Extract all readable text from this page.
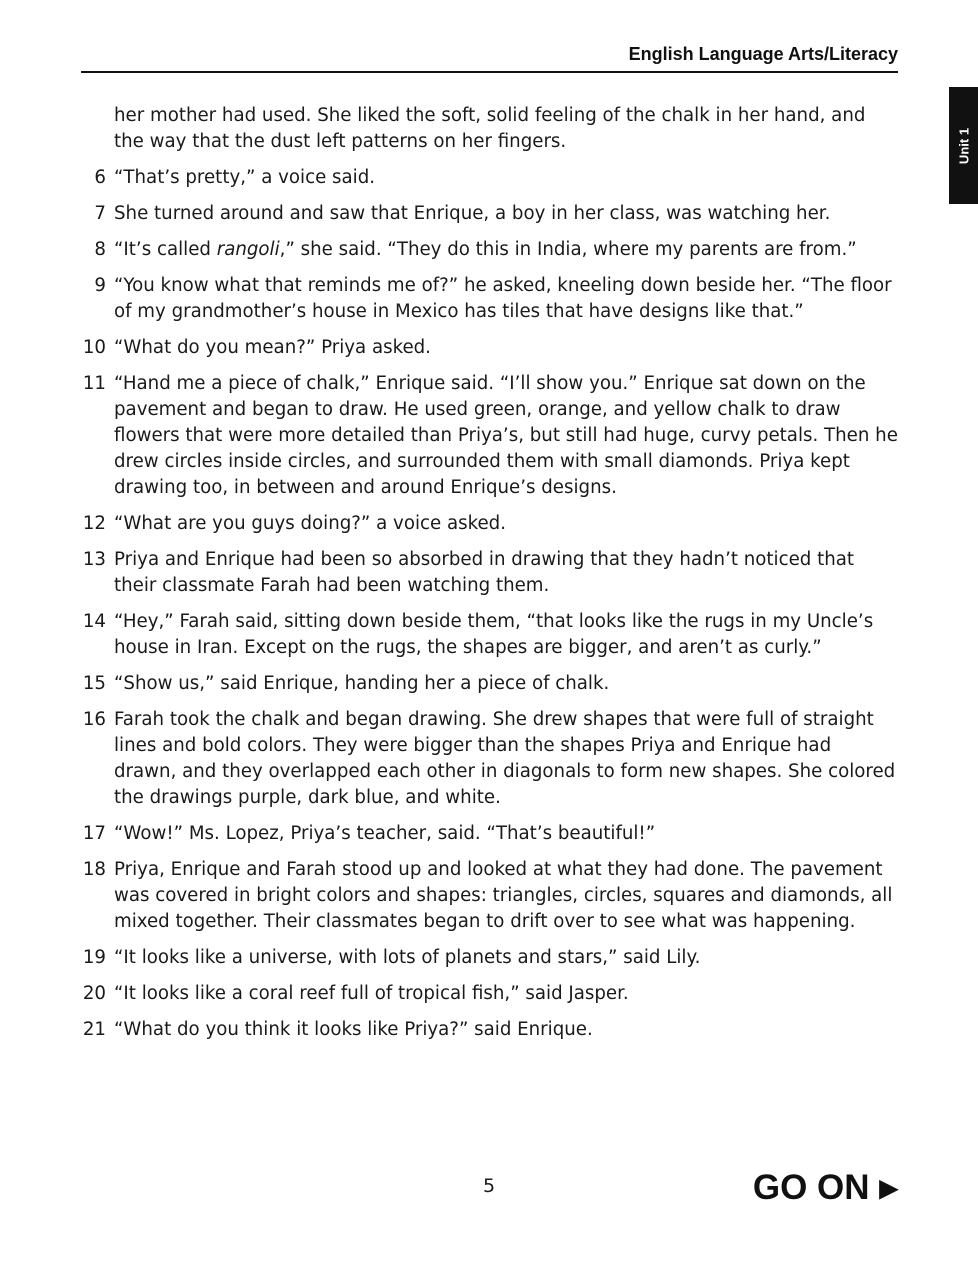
English Language Arts/Literacy
Unit 1
her mother had used. She liked the soft, solid feeling of the chalk in her hand, and the way that the dust left patterns on her fingers.
6 “That’s pretty,” a voice said.
7 She turned around and saw that Enrique, a boy in her class, was watching her.
8 “It’s called rangoli,” she said. “They do this in India, where my parents are from.”
9 “You know what that reminds me of?” he asked, kneeling down beside her. “The floor of my grandmother’s house in Mexico has tiles that have designs like that.”
10 “What do you mean?” Priya asked.
11 “Hand me a piece of chalk,” Enrique said. “I’ll show you.” Enrique sat down on the pavement and began to draw. He used green, orange, and yellow chalk to draw flowers that were more detailed than Priya’s, but still had huge, curvy petals. Then he drew circles inside circles, and surrounded them with small diamonds. Priya kept drawing too, in between and around Enrique’s designs.
12 “What are you guys doing?” a voice asked.
13 Priya and Enrique had been so absorbed in drawing that they hadn’t noticed that their classmate Farah had been watching them.
14 “Hey,” Farah said, sitting down beside them, “that looks like the rugs in my Uncle’s house in Iran. Except on the rugs, the shapes are bigger, and aren’t as curly.”
15 “Show us,” said Enrique, handing her a piece of chalk.
16 Farah took the chalk and began drawing. She drew shapes that were full of straight lines and bold colors. They were bigger than the shapes Priya and Enrique had drawn, and they overlapped each other in diagonals to form new shapes. She colored the drawings purple, dark blue, and white.
17 “Wow!” Ms. Lopez, Priya’s teacher, said. “That’s beautiful!”
18 Priya, Enrique and Farah stood up and looked at what they had done. The pavement was covered in bright colors and shapes: triangles, circles, squares and diamonds, all mixed together. Their classmates began to drift over to see what was happening.
19 “It looks like a universe, with lots of planets and stars,” said Lily.
20 “It looks like a coral reef full of tropical fish,” said Jasper.
21 “What do you think it looks like Priya?” said Enrique.
5	GO ON ▶
